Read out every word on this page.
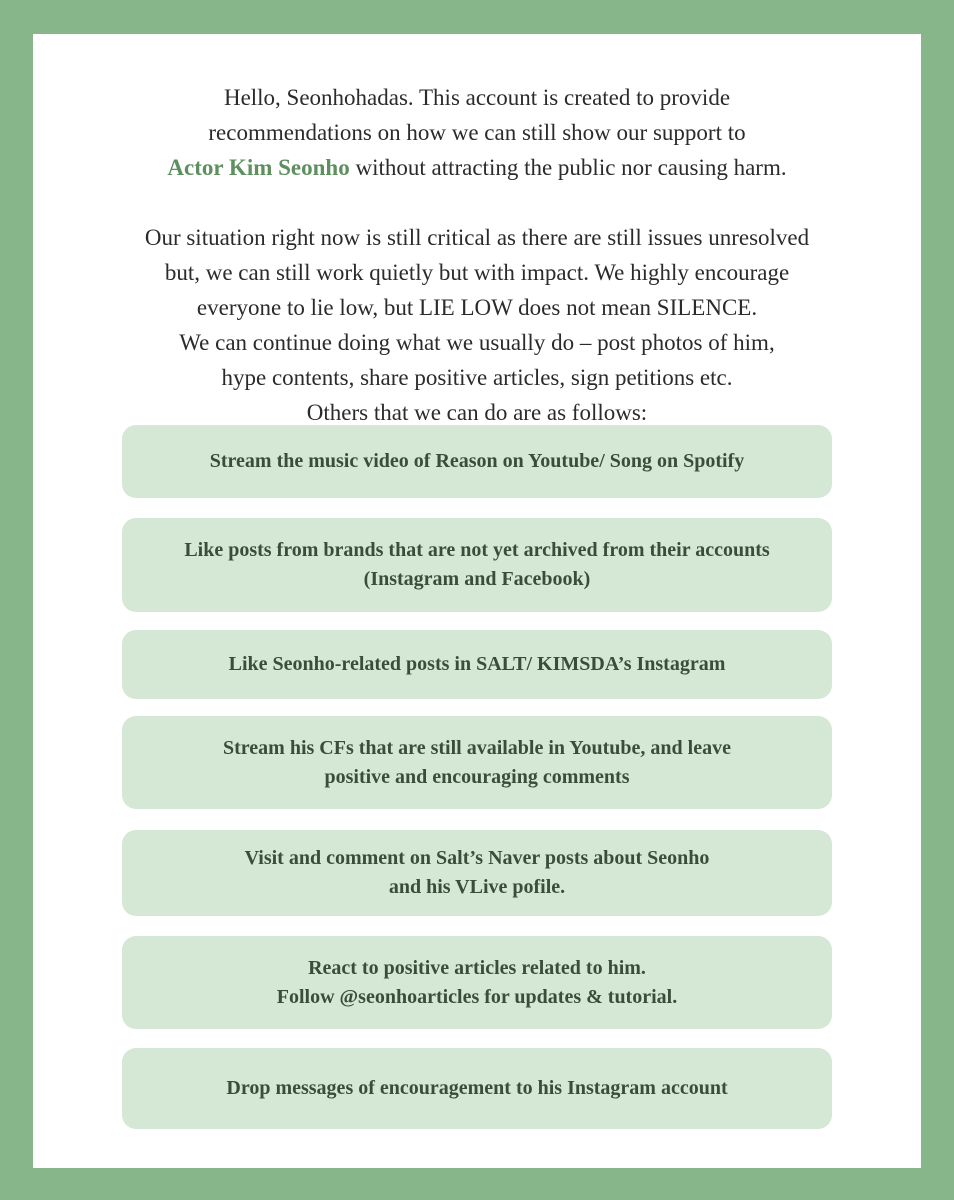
Hello, Seonhohadas. This account is created to provide

recommendations on how we can still show our support to

Actor Kim Seonho without attracting the public nor causing harm.

Our situation right now is still critical as there are still issues unresolved

but, we can still work quietly but with impact. We highly encourage

everyone to lie low, but LIE LOW does not mean SILENCE.

We can continue doing what we usually do – post photos of him,

hype contents, share positive articles, sign petitions etc.

Others that we can do are as follows:

Stream the music video of Reason on Youtube/ Song on Spotify
Like posts from brands that are not yet archived from their accounts
(Instagram and Facebook)
Like Seonho-related posts in SALT/ KIMSDA’s Instagram
Stream his CFs that are still available in Youtube, and leave
positive and encouraging comments
Visit and comment on Salt’s Naver posts about Seonho
and his VLive pofile.
React to positive articles related to him.
Follow @seonhoarticles for updates & tutorial.
Drop messages of encouragement to his Instagram account
